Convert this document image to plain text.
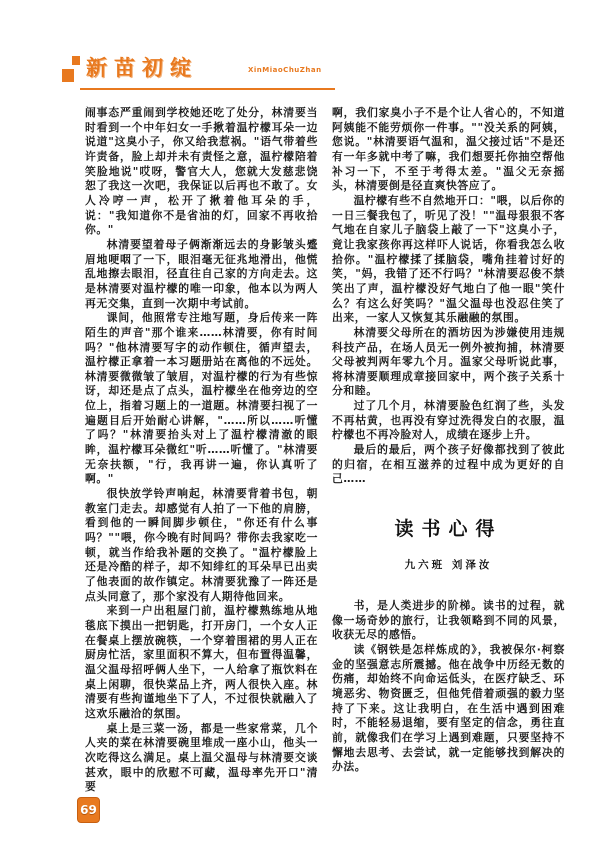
新苗初绽	XinMiaoChuZhan
闹事态严重闹到学校她还吃了处分，林清要当时看到一个中年妇女一手揪着温柠檬耳朵一边说道"这臭小子，你又给我惹祸。"语气带着些许责备，脸上却并未有责怪之意，温柠檬陪着笑脸地说"哎呀，警官大人，您就大发慈悲饶恕了我这一次吧，我保证以后再也不敢了。女人冷哼一声，松开了揪着他耳朵的手，说："我知道你不是省油的灯，回家不再收拾你。"
林清要望着母子俩渐渐远去的身影皱头蹙眉地哽咽了一下，眼泪毫无征兆地滑出，他慌乱地擦去眼泪，径直往自己家的方向走去。这是林清要对温柠檬的唯一印象，他本以为两人再无交集，直到一次期中考试前。
课间，他照常专注地写题，身后传来一阵陌生的声音"那个谁来……林清要，你有时间吗？"他林清要写字的动作顿住，循声望去，温柠檬正拿着一本习题册站在离他的不远处。林清要微微皱了皱眉，对温柠檬的行为有些惊讶，却还是点了点头，温柠檬坐在他旁边的空位上，指着习题上的一道题。林清要扫视了一遍题目后开始耐心讲解，"……所以……听懂了吗？"林清要抬头对上了温柠檬清澈的眼眸，温柠檬耳朵微红"听……听懂了。"林清要无奈扶额，"行，我再讲一遍，你认真听了啊。"
很快放学铃声响起，林清要背着书包，朝教室门走去。却感觉有人拍了一下他的肩膀，看到他的一瞬间脚步顿住，"你还有什么事吗？""喂，你今晚有时间吗？带你去我家吃一顿，就当作给我补题的交换了。"温柠檬脸上还是冷酷的样子，却不知绯红的耳朵早已出卖了他表面的故作镇定。林清要犹豫了一阵还是点头同意了，那个家没有人期待他回来。
来到一户出租屋门前，温柠檬熟练地从地毯底下摸出一把钥匙，打开房门，一个女人正在餐桌上摆放碗筷，一个穿着围裙的男人正在厨房忙活，家里面积不算大，但布置得温馨，温父温母招呼俩人坐下，一人给拿了瓶饮料在桌上闲聊，很快菜品上齐，两人很快入座。林清要有些拘谨地坐下了人，不过很快就融入了这欢乐融洽的氛围。
桌上是三菜一汤，都是一些家常菜，几个人夹的菜在林清要碗里堆成一座小山，他头一次吃得这么满足。桌上温父温母与林清要交谈甚欢，眼中的欣慰不可藏，温母率先开口"清要
啊，我们家臭小子不是个让人省心的，不知道阿姨能不能劳烦你一件事。""没关系的阿姨，您说。"林清要语气温和，温父接过话"不是还有一年多就中考了嘛，我们想要托你抽空帮他补习一下，不至于考得太差。"温父无奈摇头，林清要倒是径直爽快答应了。
温柠檬有些不自然地开口："喂，以后你的一日三餐我包了，听见了没！""温母狠狠不客气地在自家儿子脑袋上敲了一下"这臭小子，竟让我家孩你再这样吓人说话，你看我怎么收拾你。"温柠檬揉了揉脑袋，嘴角挂着讨好的笑，"妈，我错了还不行吗？"林清要忍俊不禁笑出了声，温柠檬没好气地白了他一眼"笑什么？有这么好笑吗？"温父温母也没忍住笑了出来，一家人又恢复其乐融融的氛围。
林清要父母所在的酒坊因为涉嫌使用违规科技产品，在场人员无一例外被拘捕，林清要父母被判两年零九个月。温家父母听说此事，将林清要顺理成章接回家中，两个孩子关系十分和睦。
过了几个月，林清要脸色红润了些，头发不再枯黄，也再没有穿过洗得发白的衣服，温柠檬也不再冷脸对人，成绩在逐步上升。
最后的最后，两个孩子好像都找到了彼此的归宿，在相互滋养的过程中成为更好的自己……
读书心得
九六班 刘泽汝
书，是人类进步的阶梯。读书的过程，就像一场奇妙的旅行，让我领略到不同的风景，收获无尽的感悟。
读《钢铁是怎样炼成的》，我被保尔·柯察金的坚强意志所震撼。他在战争中历经无数的伤痛，却始终不向命运低头，在医疗缺乏、环境恶劣、物资匮乏，但他凭借着顽强的毅力坚持了下来。这让我明白，在生活中遇到困难时，不能轻易退缩，要有坚定的信念，勇往直前，就像我们在学习上遇到难题，只要坚持不懈地去思考、去尝试，就一定能够找到解决的办法。
69
